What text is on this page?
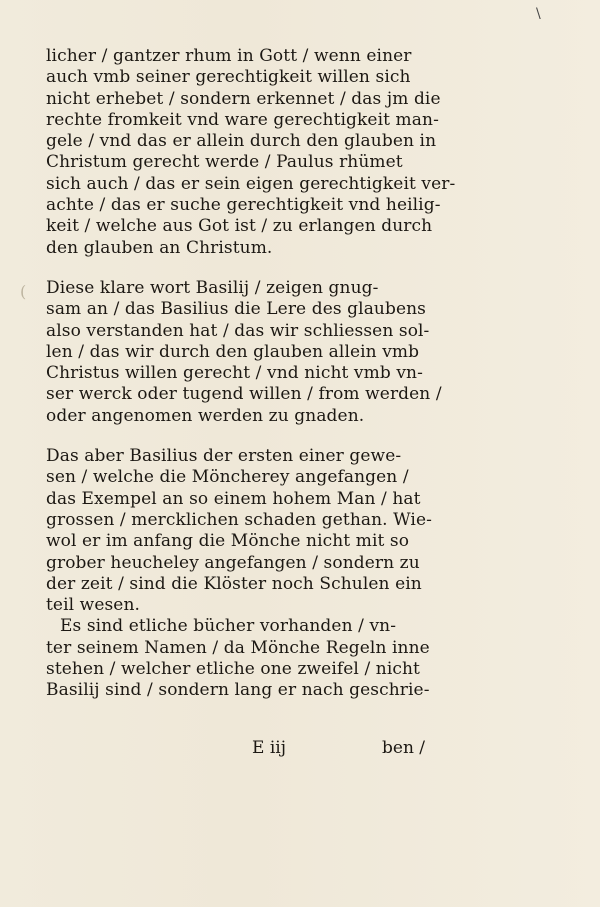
\
(
licher / gantzer rhum in Gott / wenn einer
auch vmb seiner gerechtigkeit willen sich
nicht erhebet / sondern erkennet / das jm die
rechte fromkeit vnd ware gerechtigkeit man-
gele / vnd das er allein durch den glauben in
Christum gerecht werde / Paulus rhümet
sich auch / das er sein eigen gerechtigkeit ver-
achte / das er suche gerechtigkeit vnd heilig-
keit / welche aus Got ist / zu erlangen durch
den glauben an Christum.
Diese klare wort Basilij / zeigen gnug-
sam an / das Basilius die Lere des glaubens
also verstanden hat / das wir schliessen sol-
len / das wir durch den glauben allein vmb
Christus willen gerecht / vnd nicht vmb vn-
ser werck oder tugend willen / from werden /
oder angenomen werden zu gnaden.
Das aber Basilius der ersten einer gewe-
sen / welche die Möncherey angefangen /
das Exempel an so einem hohem Man / hat
grossen / mercklichen schaden gethan. Wie-
wol er im anfang die Mönche nicht mit so
grober heucheley angefangen / sondern zu
der zeit / sind die Klöster noch Schulen ein
teil wesen.
Es sind etliche bücher vorhanden / vn-
ter seinem Namen / da Mönche Regeln inne
stehen / welcher etliche one zweifel / nicht
Basilij sind / sondern lang er nach geschrie-
E iij	ben /
